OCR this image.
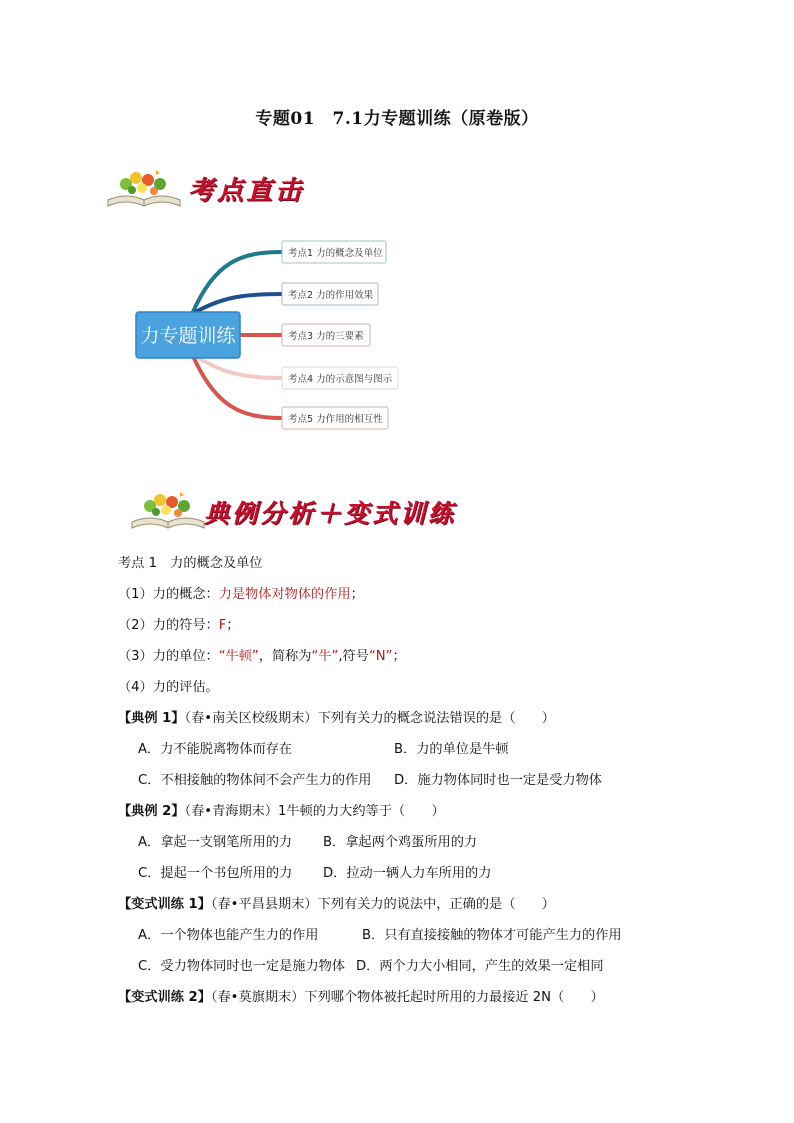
专题01　7.1力专题训练（原卷版）
考点直击
力专题训练
考点1 力的概念及单位
考点2 力的作用效果
考点3 力的三要素
考点4 力的示意图与图示
考点5 力作用的相互性
典例分析＋变式训练
考点 1　力的概念及单位
（1）力的概念：力是物体对物体的作用；
（2）力的符号：F；
（3）力的单位：“牛顿”，简称为“牛”,符号“N”；
（4）力的评估。
【典例 1】（春•南关区校级期末）下列有关力的概念说法错误的是（　　）
A．力不能脱离物体而存在	B．力的单位是牛顿
C．不相接触的物体间不会产生力的作用	D．施力物体同时也一定是受力物体
【典例 2】（春•青海期末）1牛顿的力大约等于（　　）
A．拿起一支钢笔所用的力	B．拿起两个鸡蛋所用的力
C．提起一个书包所用的力	D．拉动一辆人力车所用的力
【变式训练 1】（春•平昌县期末）下列有关力的说法中，正确的是（　　）
A．一个物体也能产生力的作用	B．只有直接接触的物体才可能产生力的作用
C．受力物体同时也一定是施力物体 D．两个力大小相同，产生的效果一定相同
【变式训练 2】（春•莫旗期末）下列哪个物体被托起时所用的力最接近 2N（　　）
